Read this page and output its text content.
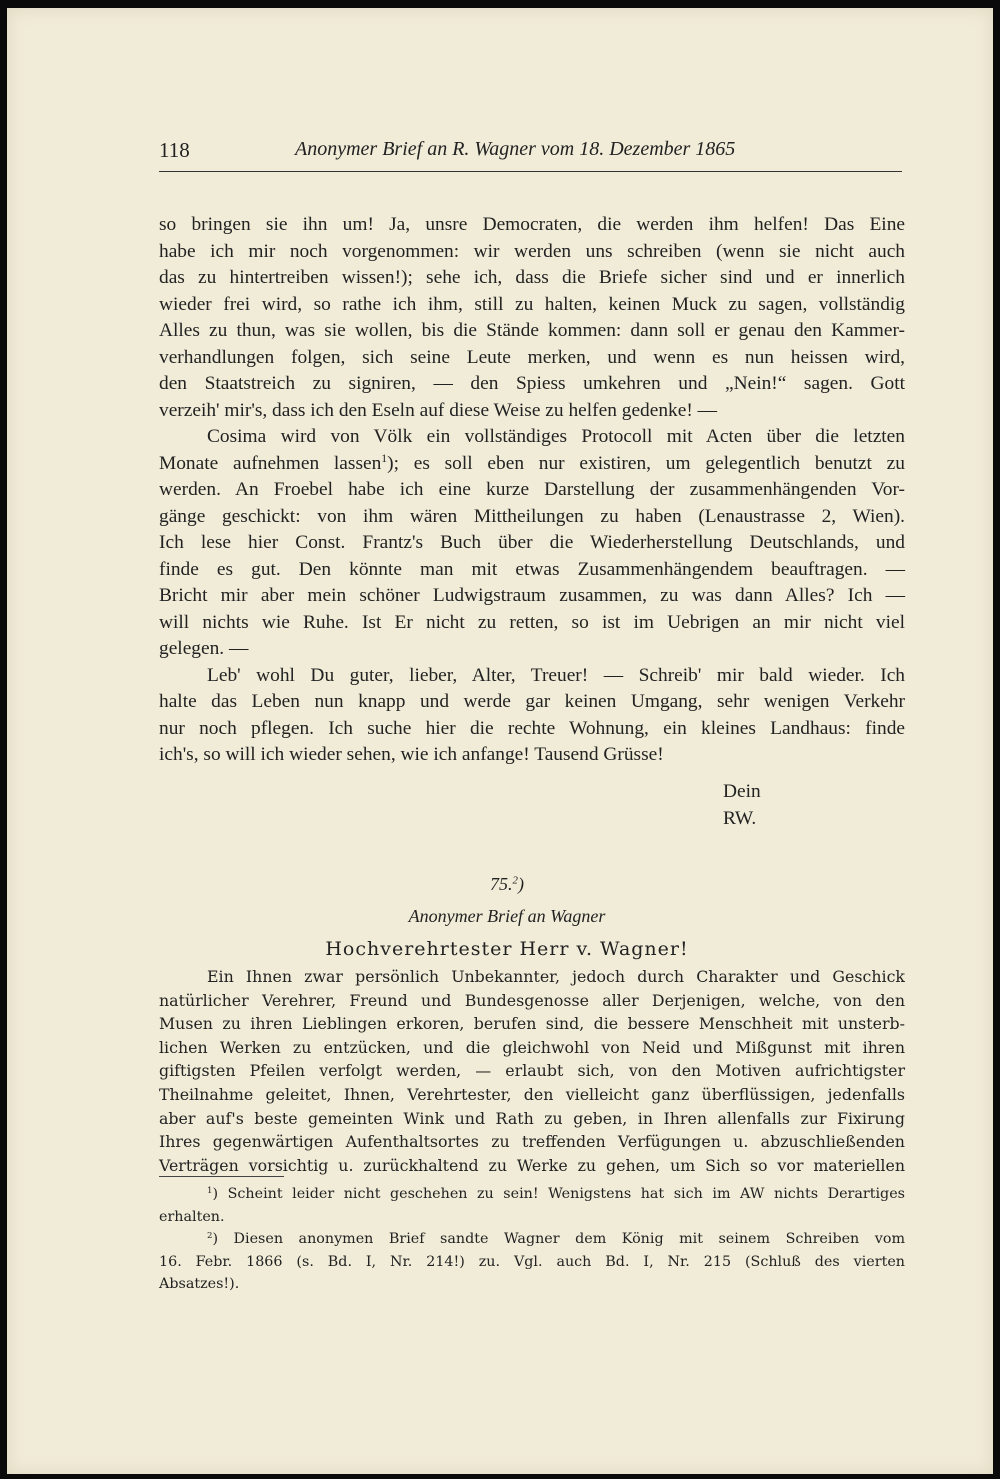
118	Anonymer Brief an R. Wagner vom 18. Dezember 1865
so bringen sie ihn um! Ja, unsre Democraten, die werden ihm helfen! Das Eine
habe ich mir noch vorgenommen: wir werden uns schreiben (wenn sie nicht auch
das zu hintertreiben wissen!); sehe ich, dass die Briefe sicher sind und er innerlich
wieder frei wird, so rathe ich ihm, still zu halten, keinen Muck zu sagen, vollständig
Alles zu thun, was sie wollen, bis die Stände kommen: dann soll er genau den Kammer-
verhandlungen folgen, sich seine Leute merken, und wenn es nun heissen wird,
den Staatstreich zu signiren, — den Spiess umkehren und „Nein!“ sagen. Gott
verzeih' mir's, dass ich den Eseln auf diese Weise zu helfen gedenke! —
Cosima wird von Völk ein vollständiges Protocoll mit Acten über die letzten
Monate aufnehmen lassen$^1$); es soll eben nur existiren, um gelegentlich benutzt zu
werden. An Froebel habe ich eine kurze Darstellung der zusammenhängenden Vor-
gänge geschickt: von ihm wären Mittheilungen zu haben (Lenaustrasse 2, Wien).
Ich lese hier Const. Frantz's Buch über die Wiederherstellung Deutschlands, und
finde es gut. Den könnte man mit etwas Zusammenhängendem beauftragen. —
Bricht mir aber mein schöner Ludwigstraum zusammen, zu was dann Alles? Ich —
will nichts wie Ruhe. Ist Er nicht zu retten, so ist im Uebrigen an mir nicht viel
gelegen. —
Leb' wohl Du guter, lieber, Alter, Treuer! — Schreib' mir bald wieder. Ich
halte das Leben nun knapp und werde gar keinen Umgang, sehr wenigen Verkehr
nur noch pflegen. Ich suche hier die rechte Wohnung, ein kleines Landhaus: finde
ich's, so will ich wieder sehen, wie ich anfange! Tausend Grüsse!
Dein
RW.
75.$^2$)
Anonymer Brief an Wagner
Hochverehrtester Herr v. Wagner!
Ein Ihnen zwar persönlich Unbekannter, jedoch durch Charakter und Geschick
natürlicher Verehrer, Freund und Bundesgenosse aller Derjenigen, welche, von den
Musen zu ihren Lieblingen erkoren, berufen sind, die bessere Menschheit mit unsterb-
lichen Werken zu entzücken, und die gleichwohl von Neid und Mißgunst mit ihren
giftigsten Pfeilen verfolgt werden, — erlaubt sich, von den Motiven aufrichtigster
Theilnahme geleitet, Ihnen, Verehrtester, den vielleicht ganz überflüssigen, jedenfalls
aber auf's beste gemeinten Wink und Rath zu geben, in Ihren allenfalls zur Fixirung
Ihres gegenwärtigen Aufenthaltsortes zu treffenden Verfügungen u. abzuschließenden
Verträgen vorsichtig u. zurückhaltend zu Werke zu gehen, um Sich so vor materiellen
$^1$) Scheint leider nicht geschehen zu sein! Wenigstens hat sich im AW nichts Derartiges
erhalten.
$^2$) Diesen anonymen Brief sandte Wagner dem König mit seinem Schreiben vom
16. Febr. 1866 (s. Bd. I, Nr. 214!) zu. Vgl. auch Bd. I, Nr. 215 (Schluß des vierten
Absatzes!).
